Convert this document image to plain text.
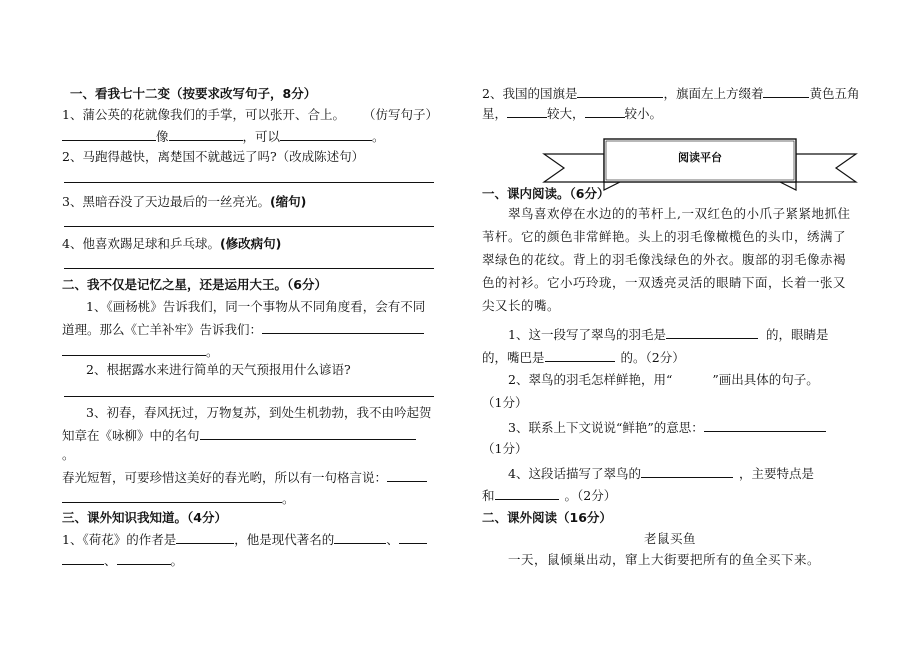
一、看我七十二变（按要求改写句子，8分）
1、蒲公英的花就像我们的手掌，可以张开、合上。 （仿写句子）
像	，可以	。
2、马跑得越快，离楚国不就越远了吗?（改成陈述句）
3、黑暗吞没了天边最后的一丝亮光。(缩句)
4、他喜欢踢足球和乒乓球。(修改病句)
二、我不仅是记忆之星，还是运用大王。（6分）
1、《画杨桃》告诉我们，同一个事物从不同角度看，会有不同
道理。那么《亡羊补牢》告诉我们：
。
2、根据露水来进行简单的天气预报用什么谚语?
3、初春，春风抚过，万物复苏，到处生机勃勃，我不由吟起贺
知章在《咏柳》中的名句
。
春光短暂，可要珍惜这美好的春光哟，所以有一句格言说：
。
三、课外知识我知道。（4分）
1、《荷花》的作者是	，他是现代著名的	、
、	。
2、我国的国旗是	，旗面左上方缀着	黄色五角
星，	较大，	较小。
阅读平台
一、课内阅读。（6分）
翠鸟喜欢停在水边的的苇杆上,一双红色的小爪子紧紧地抓住
苇杆。它的颜色非常鲜艳。头上的羽毛像橄榄色的头巾，绣满了
翠绿色的花纹。背上的羽毛像浅绿色的外衣。腹部的羽毛像赤褐
色的衬衫。它小巧玲珑，一双透亮灵活的眼睛下面，长着一张又
尖又长的嘴。
1、这一段写了翠鸟的羽毛是	的，眼睛是
的，嘴巴是	的。（2分）
2、翠鸟的羽毛怎样鲜艳，用“	”画出具体的句子。
（1分）
3、联系上下文说说“鲜艳”的意思：
（1分）
4、这段话描写了翠鸟的	，主要特点是
和	。（2分）
二、课外阅读（16分）
老鼠买鱼
一天，鼠倾巢出动，窜上大街要把所有的鱼全买下来。
